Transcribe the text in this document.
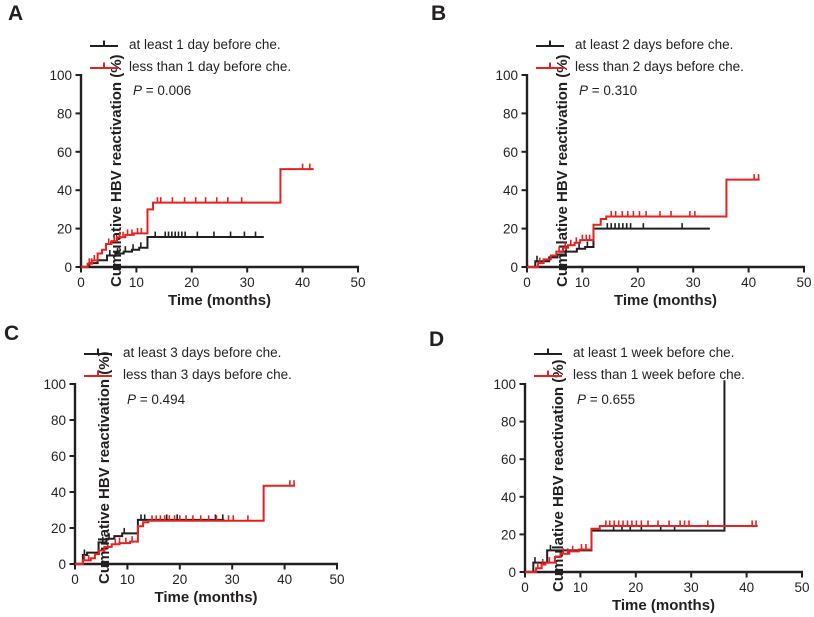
A
Cumulative HBV reactivation (%)
at least 1 day before che.
less than 1 day before che.
P = 0.006
0
20
40
60
80
100
0	10	20	30	40	50
Time (months)
B
Cumulative HBV reactivation (%)
at least 2 days before che.
less than 2 days before che.
P = 0.310
0
20
40
60
80
100
0	10	20	30	40	50
Time (months)
C
Cumulative HBV reactivation (%) at least 3 days before che.
less than 3 days before che.
P = 0.494
0
20
40
60
80
100
0	10	20	30	40	50
Time (months)
D
Cumulative HBV reactivation (%)
at least 1 week before che.
less than 1 week before che.
P = 0.655
0
20
40
60
80
100
0	10	20	30	40	50
Time (months)
